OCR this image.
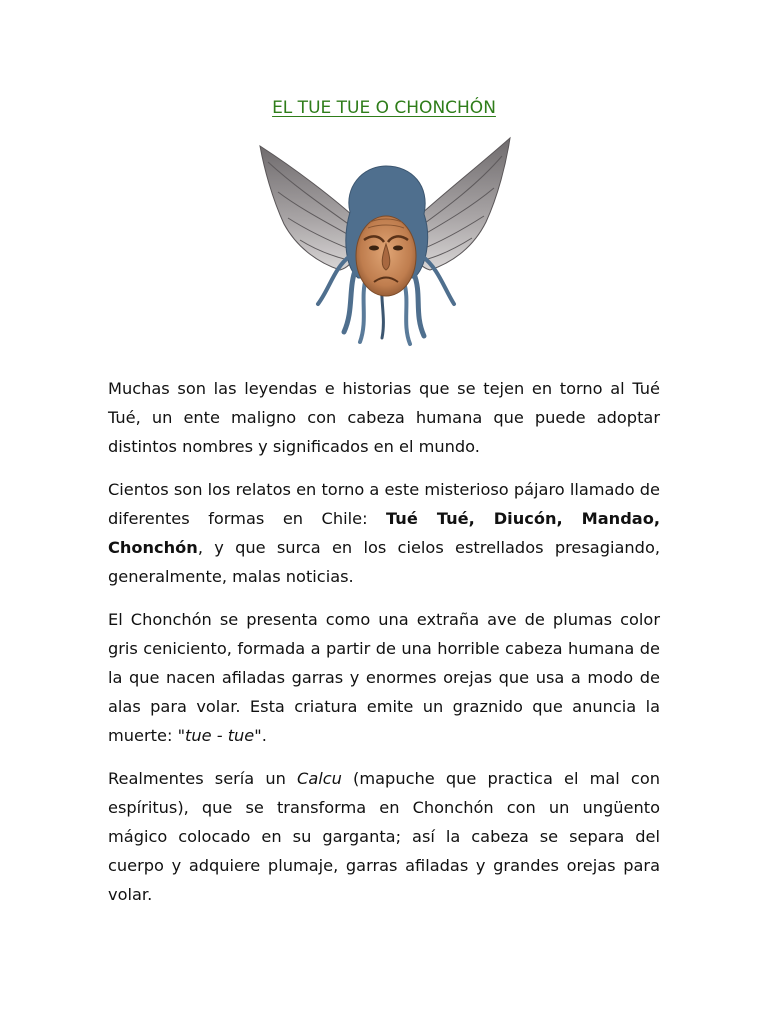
EL TUE TUE O CHONCHÓN

Muchas son las leyendas e historias que se tejen en torno al Tué Tué, un ente maligno con cabeza humana que puede adoptar distintos nombres y significados en el mundo.

Cientos son los relatos en torno a este misterioso pájaro llamado de diferentes formas en Chile: Tué Tué, Diucón, Mandao, Chonchón, y que surca en los cielos estrellados presagiando, generalmente, malas noticias.

El Chonchón se presenta como una extraña ave de plumas color gris ceniciento, formada a partir de una horrible cabeza humana de la que nacen afiladas garras y enormes orejas que usa a modo de alas para volar. Esta criatura emite un graznido que anuncia la muerte: "tue - tue".

Realmentes sería un Calcu (mapuche que practica el mal con espíritus), que se transforma en Chonchón con un ungüento mágico colocado en su garganta; así la cabeza se separa del cuerpo y adquiere plumaje, garras afiladas y grandes orejas para volar.
